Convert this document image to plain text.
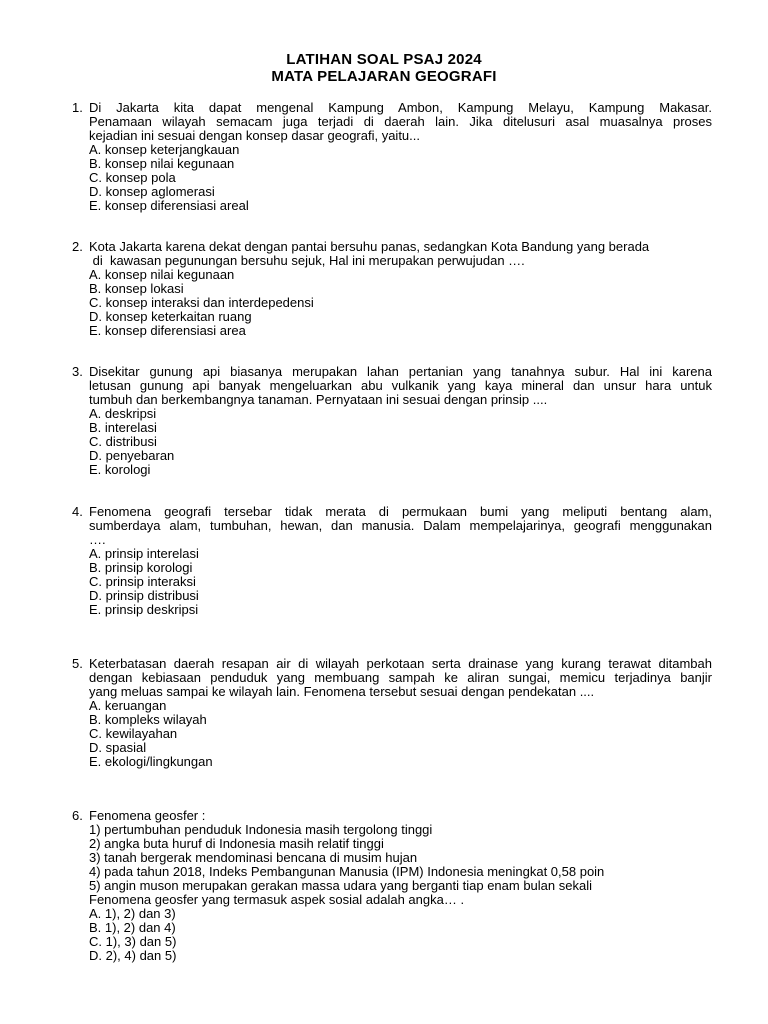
LATIHAN SOAL PSAJ 2024
MATA PELAJARAN GEOGRAFI
1. Di Jakarta kita dapat mengenal Kampung Ambon, Kampung Melayu, Kampung Makasar.
Penamaan wilayah semacam juga terjadi di daerah lain. Jika ditelusuri asal muasalnya proses
kejadian ini sesuai dengan konsep dasar geografi, yaitu...
A. konsep keterjangkauan
B. konsep nilai kegunaan
C. konsep pola
D. konsep aglomerasi
E. konsep diferensiasi areal
2. Kota Jakarta karena dekat dengan pantai bersuhu panas, sedangkan Kota Bandung yang berada
di  kawasan pegunungan bersuhu sejuk, Hal ini merupakan perwujudan ….
A. konsep nilai kegunaan
B. konsep lokasi
C. konsep interaksi dan interdepedensi
D. konsep keterkaitan ruang
E. konsep diferensiasi area
3. Disekitar gunung api biasanya merupakan lahan pertanian yang tanahnya subur. Hal ini karena
letusan gunung api banyak mengeluarkan abu vulkanik yang kaya mineral dan unsur hara untuk
tumbuh dan berkembangnya tanaman. Pernyataan ini sesuai dengan prinsip ....
A. deskripsi
B. interelasi
C. distribusi
D. penyebaran
E. korologi
4. Fenomena geografi tersebar tidak merata di permukaan bumi yang meliputi bentang alam,
sumberdaya alam, tumbuhan, hewan, dan manusia. Dalam mempelajarinya, geografi menggunakan
….
A. prinsip interelasi
B. prinsip korologi
C. prinsip interaksi
D. prinsip distribusi
E. prinsip deskripsi
5. Keterbatasan daerah resapan air di wilayah perkotaan serta drainase yang kurang terawat ditambah
dengan kebiasaan penduduk yang membuang sampah ke aliran sungai, memicu terjadinya banjir
yang meluas sampai ke wilayah lain. Fenomena tersebut sesuai dengan pendekatan ....
A. keruangan
B. kompleks wilayah
C. kewilayahan
D. spasial
E. ekologi/lingkungan
6. Fenomena geosfer :
1) pertumbuhan penduduk Indonesia masih tergolong tinggi
2) angka buta huruf di Indonesia masih relatif tinggi
3) tanah bergerak mendominasi bencana di musim hujan
4) pada tahun 2018, Indeks Pembangunan Manusia (IPM) Indonesia meningkat 0,58 poin
5) angin muson merupakan gerakan massa udara yang berganti tiap enam bulan sekali
Fenomena geosfer yang termasuk aspek sosial adalah angka… .
A. 1), 2) dan 3)
B. 1), 2) dan 4)
C. 1), 3) dan 5)
D. 2), 4) dan 5)
